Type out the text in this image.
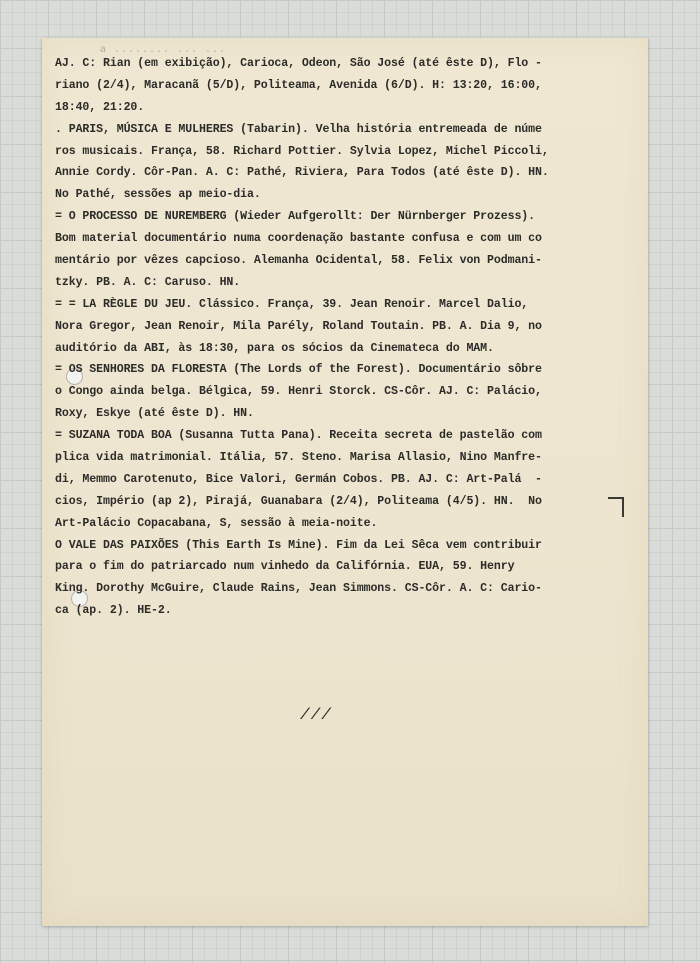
a ........ ... ...
AJ. C: Rian (em exibição), Carioca, Odeon, São José (até êste D), Flo -
riano (2/4), Maracanã (5/D), Politeama, Avenida (6/D). H: 13:20, 16:00,
18:40, 21:20.
. PARIS, MÚSICA E MULHERES (Tabarin). Velha história entremeada de núme
ros musicais. França, 58. Richard Pottier. Sylvia Lopez, Michel Piccoli,
Annie Cordy. Côr-Pan. A. C: Pathé, Riviera, Para Todos (até êste D). HN.
No Pathé, sessões ap meio-dia.
= O PROCESSO DE NUREMBERG (Wieder Aufgerollt: Der Nürnberger Prozess).
Bom material documentário numa coordenação bastante confusa e com um co
mentário por vêzes capcioso. Alemanha Ocidental, 58. Felix von Podmani-
tzky. PB. A. C: Caruso. HN.
= = LA RÈGLE DU JEU. Clássico. França, 39. Jean Renoir. Marcel Dalio,
Nora Gregor, Jean Renoir, Mila Parély, Roland Toutain. PB. A. Dia 9, no
auditório da ABI, às 18:30, para os sócios da Cinemateca do MAM.
= OS SENHORES DA FLORESTA (The Lords of the Forest). Documentário sôbre
o Congo ainda belga. Bélgica, 59. Henri Storck. CS-Côr. AJ. C: Palácio,
Roxy, Eskye (até êste D). HN.
= SUZANA TODA BOA (Susanna Tutta Pana). Receita secreta de pastelão com
plica vida matrimonial. Itália, 57. Steno. Marisa Allasio, Nino Manfre-
di, Memmo Carotenuto, Bice Valori, Germán Cobos. PB. AJ. C: Art-Palá  -
cios, Império (ap 2), Pirajá, Guanabara (2/4), Politeama (4/5). HN.  No
Art-Palácio Copacabana, S, sessão à meia-noite.
O VALE DAS PAIXÕES (This Earth Is Mine). Fim da Lei Sêca vem contribuir
para o fim do patriarcado num vinhedo da Califórnia. EUA, 59. Henry
King. Dorothy McGuire, Claude Rains, Jean Simmons. CS-Côr. A. C: Cario-
ca (ap. 2). HE-2.
///
